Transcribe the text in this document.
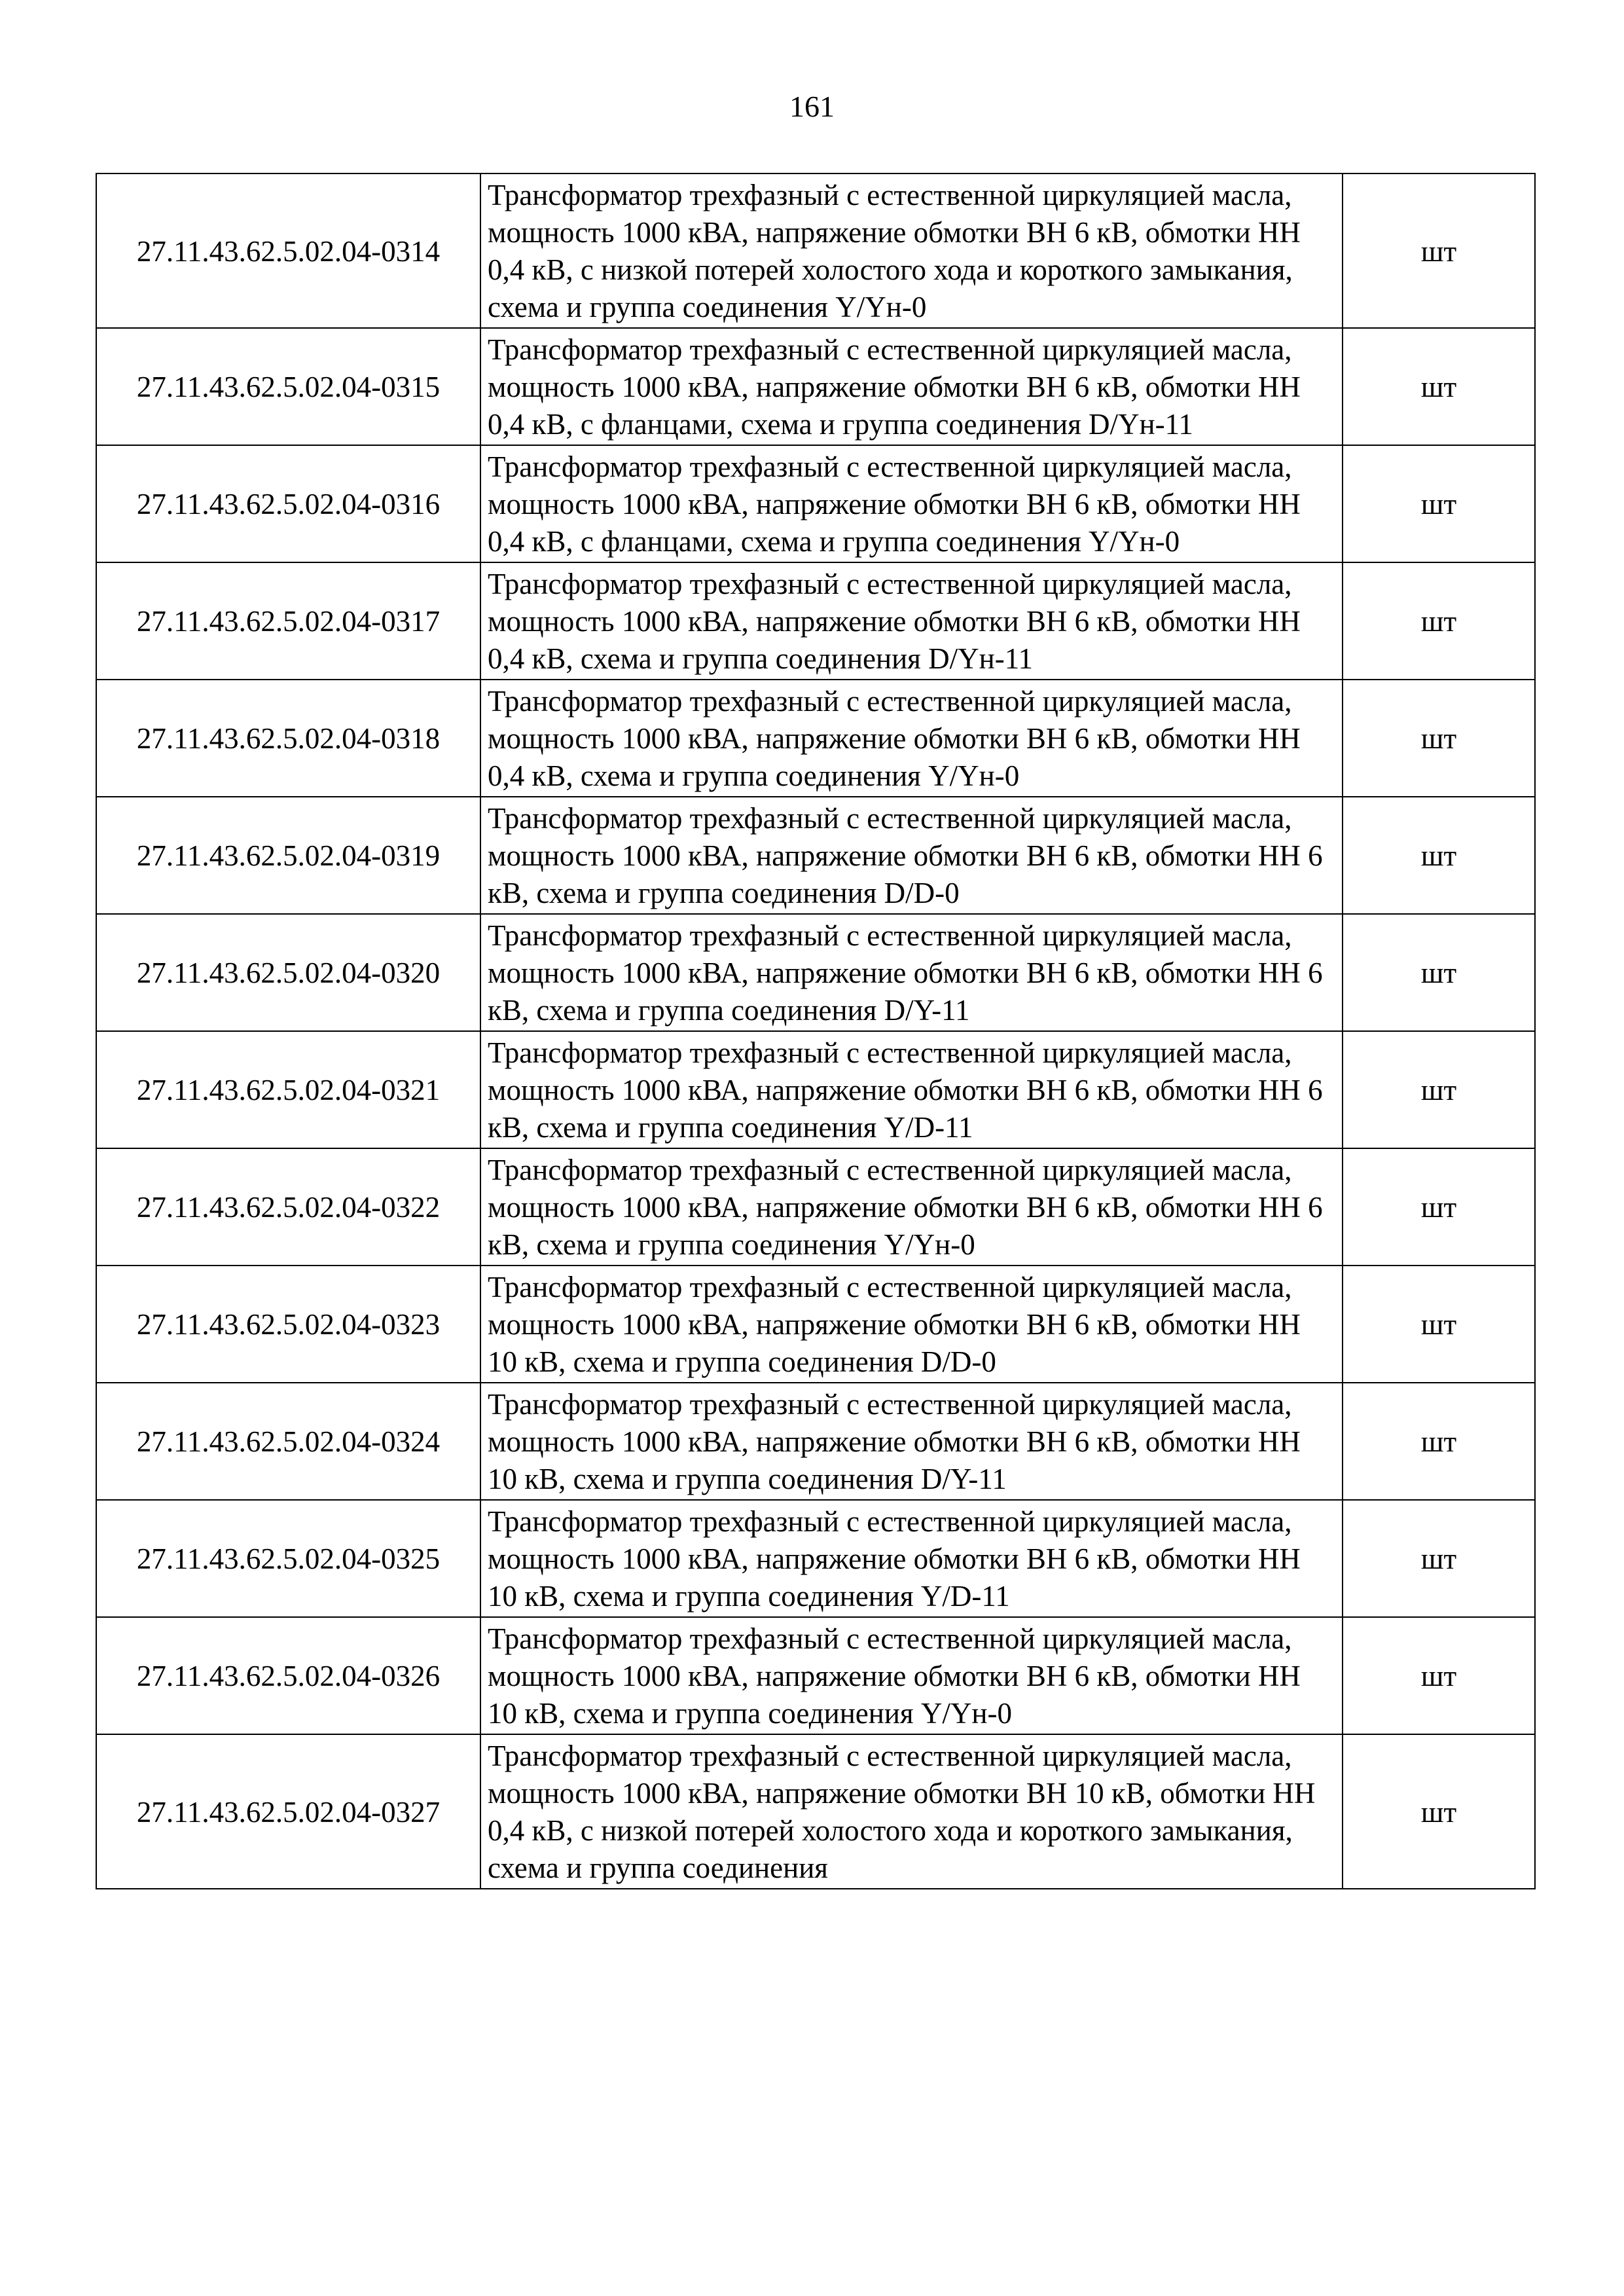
161
27.11.43.62.5.02.04-0314	Трансформатор трехфазный с естественной циркуляцией масла, мощность 1000 кВА, напряжение обмотки ВН 6 кВ, обмотки НН 0,4 кВ, с низкой потерей холостого хода и короткого замыкания, схема и группа соединения Y/Yн-0	шт
27.11.43.62.5.02.04-0315	Трансформатор трехфазный с естественной циркуляцией масла, мощность 1000 кВА, напряжение обмотки ВН 6 кВ, обмотки НН 0,4 кВ, с фланцами, схема и группа соединения D/Yн-11	шт
27.11.43.62.5.02.04-0316	Трансформатор трехфазный с естественной циркуляцией масла, мощность 1000 кВА, напряжение обмотки ВН 6 кВ, обмотки НН 0,4 кВ, с фланцами, схема и группа соединения Y/Yн-0	шт
27.11.43.62.5.02.04-0317	Трансформатор трехфазный с естественной циркуляцией масла, мощность 1000 кВА, напряжение обмотки ВН 6 кВ, обмотки НН 0,4 кВ, схема и группа соединения D/Yн-11	шт
27.11.43.62.5.02.04-0318	Трансформатор трехфазный с естественной циркуляцией масла, мощность 1000 кВА, напряжение обмотки ВН 6 кВ, обмотки НН 0,4 кВ, схема и группа соединения Y/Yн-0	шт
27.11.43.62.5.02.04-0319	Трансформатор трехфазный с естественной циркуляцией масла, мощность 1000 кВА, напряжение обмотки ВН 6 кВ, обмотки НН 6 кВ, схема и группа соединения D/D-0	шт
27.11.43.62.5.02.04-0320	Трансформатор трехфазный с естественной циркуляцией масла, мощность 1000 кВА, напряжение обмотки ВН 6 кВ, обмотки НН 6 кВ, схема и группа соединения D/Y-11	шт
27.11.43.62.5.02.04-0321	Трансформатор трехфазный с естественной циркуляцией масла, мощность 1000 кВА, напряжение обмотки ВН 6 кВ, обмотки НН 6 кВ, схема и группа соединения Y/D-11	шт
27.11.43.62.5.02.04-0322	Трансформатор трехфазный с естественной циркуляцией масла, мощность 1000 кВА, напряжение обмотки ВН 6 кВ, обмотки НН 6 кВ, схема и группа соединения Y/Yн-0	шт
27.11.43.62.5.02.04-0323	Трансформатор трехфазный с естественной циркуляцией масла, мощность 1000 кВА, напряжение обмотки ВН 6 кВ, обмотки НН 10 кВ, схема и группа соединения D/D-0	шт
27.11.43.62.5.02.04-0324	Трансформатор трехфазный с естественной циркуляцией масла, мощность 1000 кВА, напряжение обмотки ВН 6 кВ, обмотки НН 10 кВ, схема и группа соединения D/Y-11	шт
27.11.43.62.5.02.04-0325	Трансформатор трехфазный с естественной циркуляцией масла, мощность 1000 кВА, напряжение обмотки ВН 6 кВ, обмотки НН 10 кВ, схема и группа соединения Y/D-11	шт
27.11.43.62.5.02.04-0326	Трансформатор трехфазный с естественной циркуляцией масла, мощность 1000 кВА, напряжение обмотки ВН 6 кВ, обмотки НН 10 кВ, схема и группа соединения Y/Yн-0	шт
27.11.43.62.5.02.04-0327	Трансформатор трехфазный с естественной циркуляцией масла, мощность 1000 кВА, напряжение обмотки ВН 10 кВ, обмотки НН 0,4 кВ, с низкой потерей холостого хода и короткого замыкания, схема и группа соединения	шт
